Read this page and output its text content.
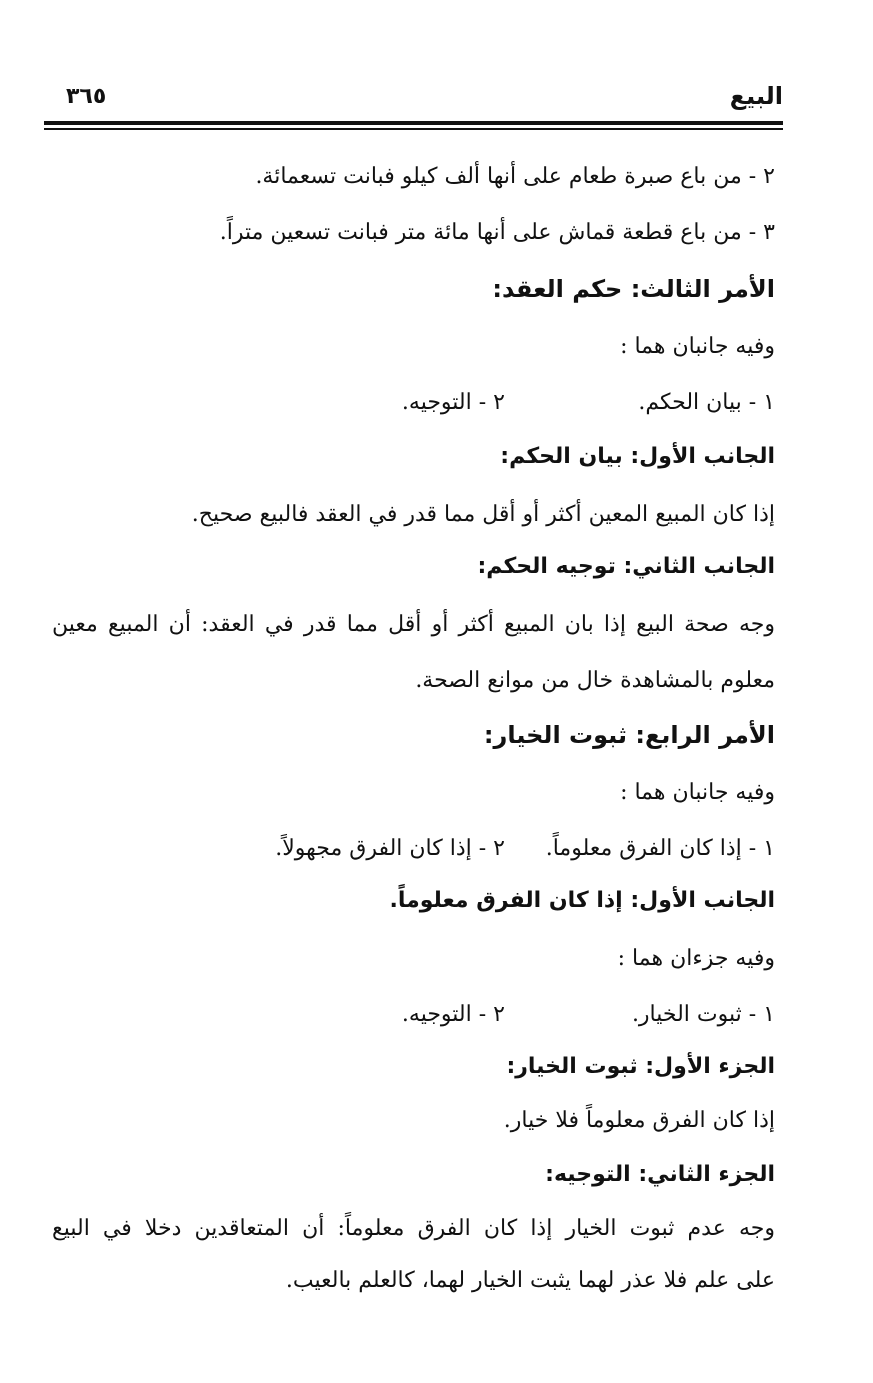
البيع
٣٦٥
٢ - من باع صبرة طعام على أنها ألف كيلو فبانت تسعمائة.
٣ - من باع قطعة قماش على أنها مائة متر فبانت تسعين متراً.
الأمر الثالث: حكم العقد:
وفيه جانبان هما :
١ - بيان الحكم.
٢ - التوجيه.
الجانب الأول: بيان الحكم:
إذا كان المبيع المعين أكثر أو أقل مما قدر في العقد فالبيع صحيح.
الجانب الثاني: توجيه الحكم:
وجه صحة البيع إذا بان المبيع أكثر أو أقل مما قدر في العقد: أن المبيع معين
معلوم بالمشاهدة خال من موانع الصحة.
الأمر الرابع: ثبوت الخيار:
وفيه جانبان هما :
١ - إذا كان الفرق معلوماً.
٢ - إذا كان الفرق مجهولاً.
الجانب الأول: إذا كان الفرق معلوماً.
وفيه جزءان هما :
١ - ثبوت الخيار.
٢ - التوجيه.
الجزء الأول: ثبوت الخيار:
إذا كان الفرق معلوماً فلا خيار.
الجزء الثاني: التوجيه:
وجه عدم ثبوت الخيار إذا كان الفرق معلوماً: أن المتعاقدين دخلا في البيع
على علم فلا عذر لهما يثبت الخيار لهما، كالعلم بالعيب.
